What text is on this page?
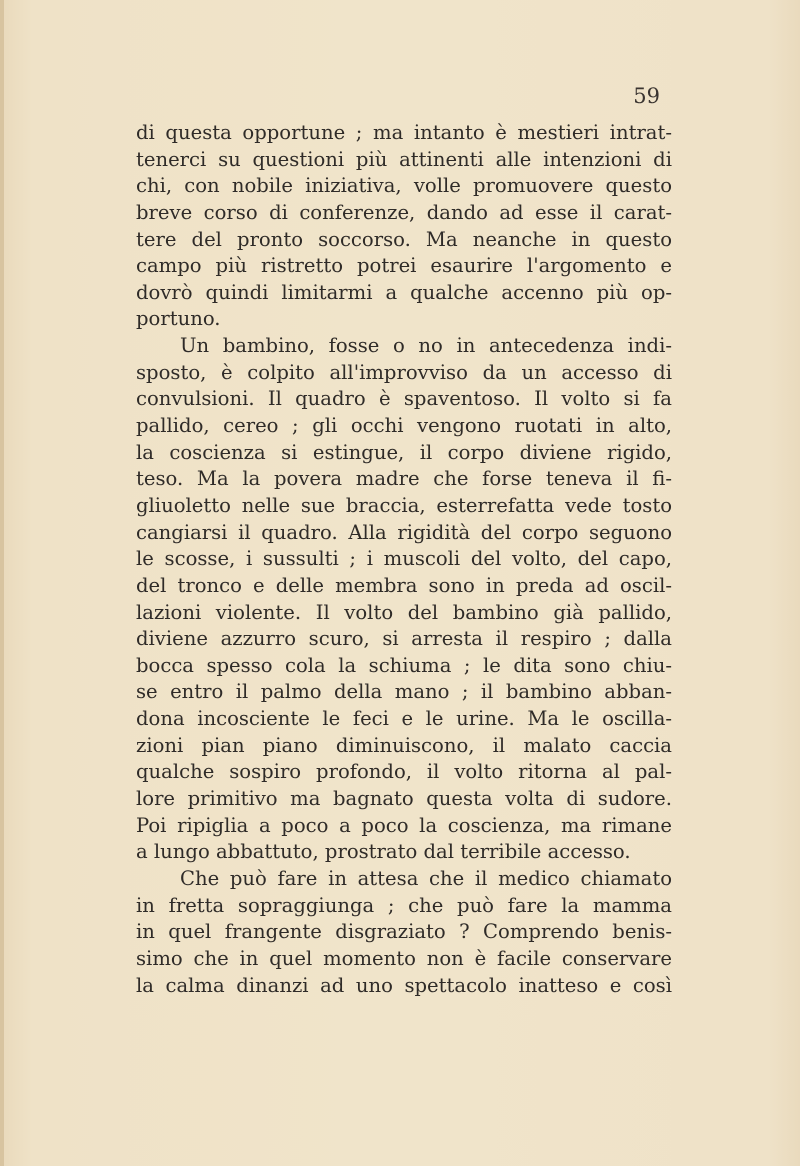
59
di questa opportune ; ma intanto è mestieri intrat-
tenerci su questioni più attinenti alle intenzioni di
chi, con nobile iniziativa, volle promuovere questo
breve corso di conferenze, dando ad esse il carat-
tere del pronto soccorso. Ma neanche in questo
campo più ristretto potrei esaurire l'argomento e
dovrò quindi limitarmi a qualche accenno più op-
portuno.
Un bambino, fosse o no in antecedenza indi-
sposto, è colpito all'improvviso da un accesso di
convulsioni. Il quadro è spaventoso. Il volto si fa
pallido, cereo ; gli occhi vengono ruotati in alto,
la coscienza si estingue, il corpo diviene rigido,
teso. Ma la povera madre che forse teneva il fi-
gliuoletto nelle sue braccia, esterrefatta vede tosto
cangiarsi il quadro. Alla rigidità del corpo seguono
le scosse, i sussulti ; i muscoli del volto, del capo,
del tronco e delle membra sono in preda ad oscil-
lazioni violente. Il volto del bambino già pallido,
diviene azzurro scuro, si arresta il respiro ; dalla
bocca spesso cola la schiuma ; le dita sono chiu-
se entro il palmo della mano ; il bambino abban-
dona incosciente le feci e le urine. Ma le oscilla-
zioni pian piano diminuiscono, il malato caccia
qualche sospiro profondo, il volto ritorna al pal-
lore primitivo ma bagnato questa volta di sudore.
Poi ripiglia a poco a poco la coscienza, ma rimane
a lungo abbattuto, prostrato dal terribile accesso.
Che può fare in attesa che il medico chiamato
in fretta sopraggiunga ; che può fare la mamma
in quel frangente disgraziato ? Comprendo benis-
simo che in quel momento non è facile conservare
la calma dinanzi ad uno spettacolo inatteso e così
